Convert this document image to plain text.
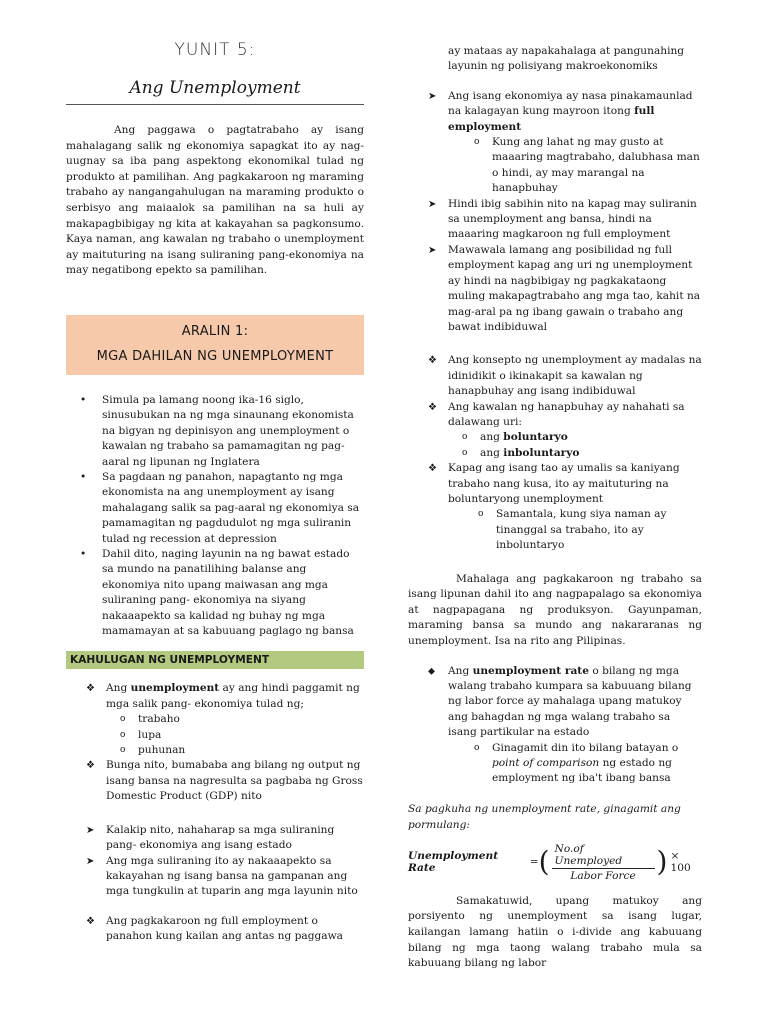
YUNIT 5:
Ang Unemployment

Ang paggawa o pagtatrabaho ay isang mahalagang salik ng ekonomiya sapagkat ito ay nag-uugnay sa iba pang aspektong ekonomikal tulad ng produkto at pamilihan. Ang pagkakaroon ng maraming trabaho ay nangangahulugan na maraming produkto o serbisyo ang maiaalok sa pamilihan na sa huli ay makapagbibigay ng kita at kakayahan sa pagkonsumo. Kaya naman, ang kawalan ng trabaho o unemployment ay maituturing na isang suliraning pang-ekonomiya na may negatibong epekto sa pamilihan.

ARALIN 1:
MGA DAHILAN NG UNEMPLOYMENT
• Simula pa lamang noong ika-16 siglo, sinusubukan na ng mga sinaunang ekonomista na bigyan ng depinisyon ang unemployment o kawalan ng trabaho sa pamamagitan ng pag-aaral ng lipunan ng Inglatera
• Sa pagdaan ng panahon, napagtanto ng mga ekonomista na ang unemployment ay isang mahalagang salik sa pag-aaral ng ekonomiya sa pamamagitan ng pagdudulot ng mga suliranin tulad ng recession at depression
• Dahil dito, naging layunin na ng bawat estado sa mundo na panatilihing balanse ang ekonomiya nito upang maiwasan ang mga suliraning pang- ekonomiya na siyang nakaaapekto sa kalidad ng buhay ng mga mamamayan at sa kabuuang paglago ng bansa
KAHULUGAN NG UNEMPLOYMENT

❖ Ang unemployment ay ang hindi paggamit ng mga salik pang- ekonomiya tulad ng;

o trabaho

o lupa

o puhunan

❖ Bunga nito, bumababa ang bilang ng output ng isang bansa na nagresulta sa pagbaba ng Gross Domestic Product (GDP) nito

➤ Kalakip nito, nahaharap sa mga suliraning pang- ekonomiya ang isang estado

➤ Ang mga suliraning ito ay nakaaapekto sa kakayahan ng isang bansa na gampanan ang mga tungkulin at tuparin ang mga layunin nito

❖ Ang pagkakaroon ng full employment o panahon kung kailan ang antas ng paggawa

ay mataas ay napakahalaga at pangunahing layunin ng polisiyang makroekonomiks

➤ Ang isang ekonomiya ay nasa pinakamaunlad na kalagayan kung mayroon itong full employment

o Kung ang lahat ng may gusto at maaaring magtrabaho, dalubhasa man o hindi, ay may marangal na hanapbuhay

➤ Hindi ibig sabihin nito na kapag may suliranin sa unemployment ang bansa, hindi na maaaring magkaroon ng full employment

➤ Mawawala lamang ang posibilidad ng full employment kapag ang uri ng unemployment ay hindi na nagbibigay ng pagkakataong muling makapagtrabaho ang mga tao, kahit na mag-aral pa ng ibang gawain o trabaho ang bawat indibiduwal

❖ Ang konsepto ng unemployment ay madalas na idinidikit o ikinakapit sa kawalan ng hanapbuhay ang isang indibiduwal

❖ Ang kawalan ng hanapbuhay ay nahahati sa dalawang uri:

o ang boluntaryo

o ang inboluntaryo

❖ Kapag ang isang tao ay umalis sa kaniyang trabaho nang kusa, ito ay maituturing na boluntaryong unemployment

o Samantala, kung siya naman ay tinanggal sa trabaho, ito ay inboluntaryo

Mahalaga ang pagkakaroon ng trabaho sa isang lipunan dahil ito ang nagpapalago sa ekonomiya at nagpapagana ng produksyon. Gayunpaman, maraming bansa sa mundo ang nakararanas ng unemployment. Isa na rito ang Pilipinas.

⬥ Ang unemployment rate o bilang ng mga walang trabaho kumpara sa kabuuang bilang ng labor force ay mahalaga upang matukoy ang bahagdan ng mga walang trabaho sa isang partikular na estado

o Ginagamit din ito bilang batayan o point of comparison ng estado ng employment ng iba't ibang bansa

Sa pagkuha ng unemployment rate, ginagamit ang pormulang:

Unemployment Rate	= ( $\frac{\text{No.of Unemployed}}{\text{Labor Force}}$ ) × 100

Samakatuwid, upang matukoy ang porsiyento ng unemployment sa isang lugar, kailangan lamang hatiin o i-divide ang kabuuang bilang ng mga taong walang trabaho mula sa kabuuang bilang ng labor
